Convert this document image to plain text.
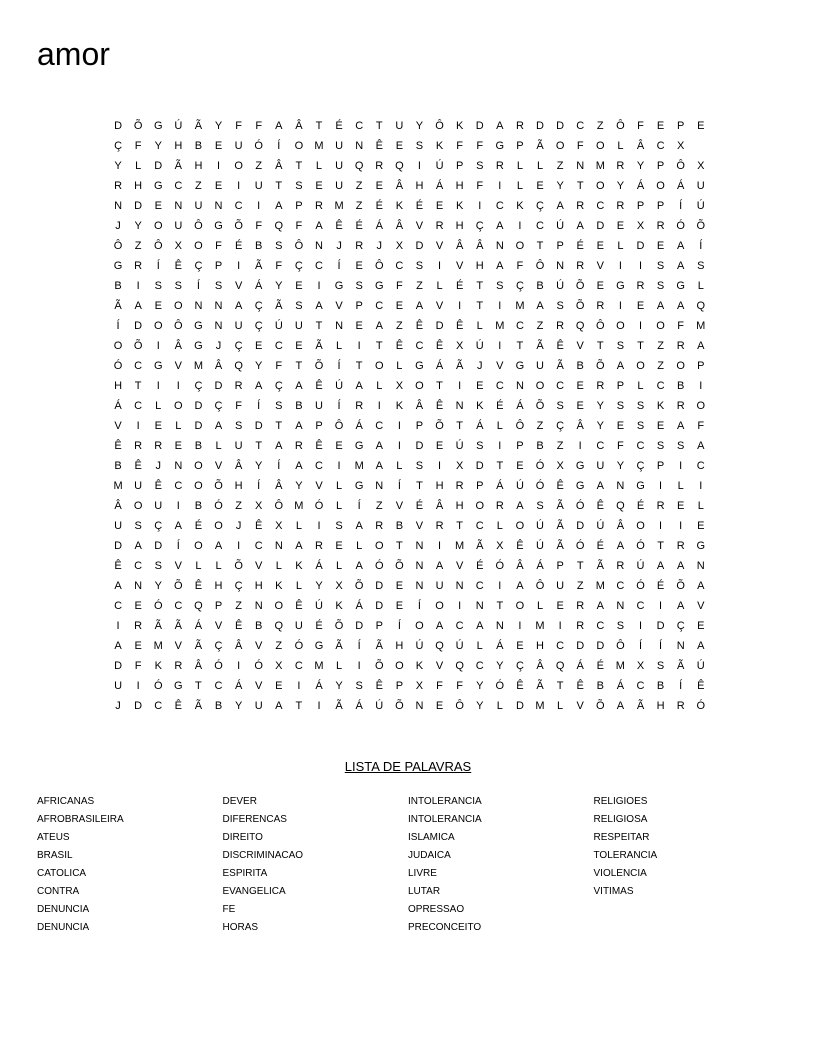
amor
D	Õ	G	Ú	Ã	Y	F	F	A	Â	T	É	C	T	U	Y	Ô	K	D	A	R	D	D	C	Z	Ô	F	E	P	E
Ç	F	Y	H	B	E	U	Ó	Í	O	M	U	N	Ê	E	S	K	F	F	G	P	Ã	O	F	O	L	Â	C	X	
Y	L	D	Ã	H	I	O	Z	Â	T	L	U	Q	R	Q	I	Ú	P	S	R	L	L	Z	N	M	R	Y	P	Ô	X
R	H	G	C	Z	E	I	U	T	S	E	U	Z	E	Â	H	Á	H	F	I	L	E	Y	T	O	Y	Á	O	Á	U
N	D	E	N	U	N	C	I	A	P	R	M	Z	É	K	É	E	K	I	C	K	Ç	A	R	C	R	P	P	Í	Ú
J	Y	O	U	Ô	G	Õ	F	Q	F	A	Ê	É	Á	Â	V	R	H	Ç	A	I	C	Ú	A	D	E	X	R	Ó	Õ
Ô	Z	Ô	X	O	F	É	B	S	Ô	N	J	R	J	X	D	V	Â	Â	N	O	T	P	É	E	L	D	E	A	Í
G	R	Í	Ê	Ç	P	I	Ã	F	Ç	C	Í	E	Ô	C	S	I	V	H	A	F	Ô	N	R	V	I	I	S	A	S
B	I	S	S	Í	S	V	Á	Y	E	I	G	S	G	F	Z	L	É	T	S	Ç	B	Ú	Õ	E	G	R	S	G	L
Ã	A	E	O	N	N	A	Ç	Ã	S	A	V	P	C	E	A	V	I	T	I	M	A	S	Õ	R	I	E	A	A	Q
Í	D	O	Ô	G	N	U	Ç	Ú	U	T	N	E	A	Z	Ê	D	Ê	L	M	C	Z	R	Q	Ô	O	I	O	F	M
O	Õ	I	Â	G	J	Ç	E	C	E	Ã	L	I	T	Ê	C	Ê	X	Ú	I	T	Ã	Ê	V	T	S	T	Z	R	A
Ó	C	G	V	M	Â	Q	Y	F	T	Õ	Í	T	O	L	G	Á	Ã	J	V	G	U	Ã	B	Õ	A	O	Z	O	P
H	T	I	I	Ç	D	R	A	Ç	A	Ê	Ú	A	L	X	O	T	I	E	C	N	O	C	E	R	P	L	C	B	I
Á	C	L	O	D	Ç	F	Í	S	B	U	Í	R	I	K	Â	Ê	N	K	É	Á	Õ	S	E	Y	S	S	K	R	O
V	I	E	L	D	A	S	D	T	A	P	Ô	Á	C	I	P	Õ	T	Á	L	Ô	Z	Ç	Â	Y	E	S	E	A	F
Ê	R	R	E	B	L	U	T	A	R	Ê	E	G	A	I	D	E	Ú	S	I	P	B	Z	I	C	F	C	S	S	A
B	Ê	J	N	O	V	Â	Y	Í	A	C	I	M	A	L	S	I	X	D	T	E	Ó	X	G	U	Y	Ç	P	I	C
M	U	Ê	C	O	Õ	H	Í	Â	Y	V	L	G	N	Í	T	H	R	P	Á	Ú	Ó	Ê	G	A	N	G	I	L	I
Â	O	U	I	B	Ó	Z	X	Ô	M	Ó	L	Í	Z	V	É	Â	H	O	R	A	S	Ã	Ó	Ê	Q	É	R	E	L
U	S	Ç	A	É	O	J	Ê	X	L	I	S	A	R	B	V	R	T	C	L	O	Ú	Ã	D	Ú	Â	O	I	I	E
D	A	D	Í	O	A	I	C	N	A	R	E	L	O	T	N	I	M	Ã	X	Ê	Ú	Ã	Ó	É	A	Ó	T	R	G
Ê	C	S	V	L	L	Õ	V	L	K	Á	L	A	Ó	Õ	N	A	V	É	Ó	Â	Á	P	T	Ã	R	Ú	A	A	N
A	N	Y	Õ	Ê	H	Ç	H	K	L	Y	X	Õ	D	E	N	U	N	C	I	A	Ô	U	Z	M	C	Ó	É	Õ	A
C	E	Ó	C	Q	P	Z	N	O	Ê	Ú	K	Á	D	E	Í	O	I	N	T	O	L	E	R	A	N	C	I	A	V
I	R	Ã	Ã	Á	V	Ê	B	Q	U	É	Õ	D	P	Í	O	A	C	A	N	I	M	I	R	C	S	I	D	Ç	E
A	E	M	V	Ã	Ç	Â	V	Z	Ó	G	Ã	Í	Ã	H	Ú	Q	Ú	L	Á	E	H	C	D	D	Ô	Í	Í	N	A
D	F	K	R	Â	Ó	I	Ó	X	C	M	L	I	Õ	O	K	V	Q	C	Y	Ç	Â	Q	Á	É	M	X	S	Ã	Ú
U	I	Ó	G	T	C	Á	V	E	I	Á	Y	S	Ê	P	X	F	F	Y	Ó	Ê	Ã	T	Ê	B	Á	C	B	Í	Ê
J	D	C	Ê	Ã	B	Y	U	A	T	I	Ã	Á	Ú	Õ	N	E	Ô	Y	L	D	M	L	V	Õ	A	Ã	H	R	Ó
LISTA DE PALAVRAS
AFRICANAS
AFROBRASILEIRA
ATEUS
BRASIL
CATOLICA
CONTRA
DENUNCIA
DENUNCIA
DEVER
DIFERENCAS
DIREITO
DISCRIMINACAO
ESPIRITA
EVANGELICA
FE
HORAS
INTOLERANCIA
INTOLERANCIA
ISLAMICA
JUDAICA
LIVRE
LUTAR
OPRESSAO
PRECONCEITO
RELIGIOES
RELIGIOSA
RESPEITAR
TOLERANCIA
VIOLENCIA
VITIMAS
